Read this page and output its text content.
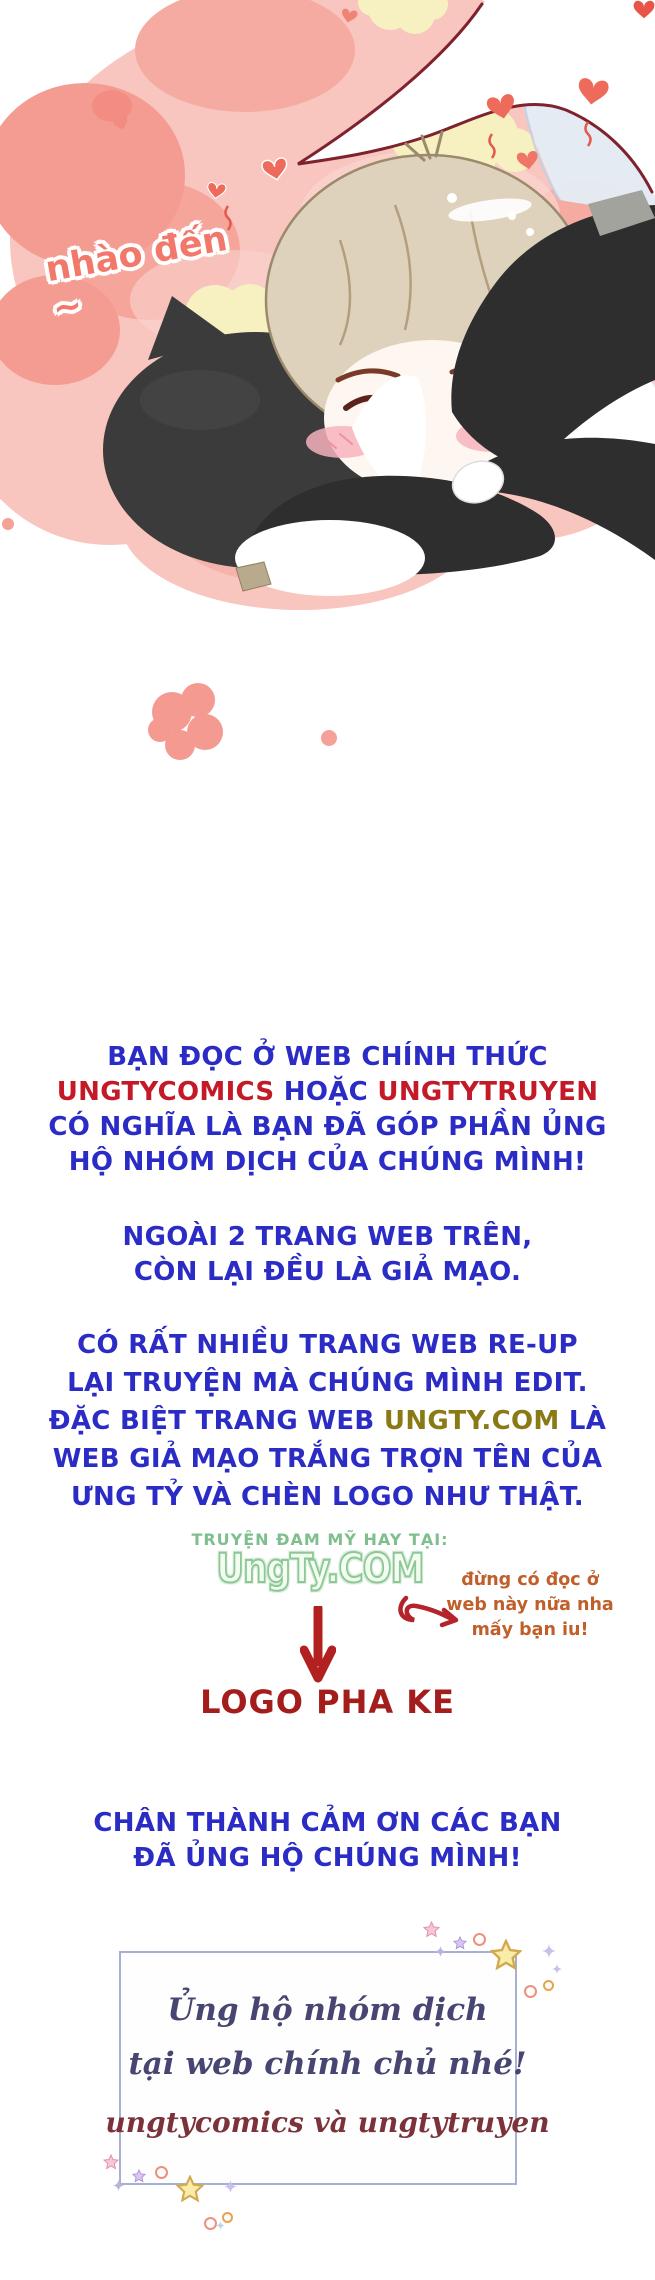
nhào đến ~
BẠN ĐỌC Ở WEB CHÍNH THỨC
UNGTYCOMICS HOẶC UNGTYTRUYEN
CÓ NGHĨA LÀ BẠN ĐÃ GÓP PHẦN ỦNG
HỘ NHÓM DỊCH CỦA CHÚNG MÌNH!
NGOÀI 2 TRANG WEB TRÊN,
CÒN LẠI ĐỀU LÀ GIẢ MẠO.
CÓ RẤT NHIỀU TRANG WEB RE-UP
LẠI TRUYỆN MÀ CHÚNG MÌNH EDIT.
ĐẶC BIỆT TRANG WEB UNGTY.COM LÀ
WEB GIẢ MẠO TRẮNG TRỢN TÊN CỦA
ƯNG TỶ VÀ CHÈN LOGO NHƯ THẬT.
TRUYỆN ĐAM MỸ HAY TẠI:
UngTy.COM
LOGO PHA KE
đừng có đọc ở
web này nữa nha
mấy bạn iu!
CHÂN THÀNH CẢM ƠN CÁC BẠN
ĐÃ ỦNG HỘ CHÚNG MÌNH!
Ủng hộ nhóm dịch
tại web chính chủ nhé!
ungtycomics và ungtytruyen
